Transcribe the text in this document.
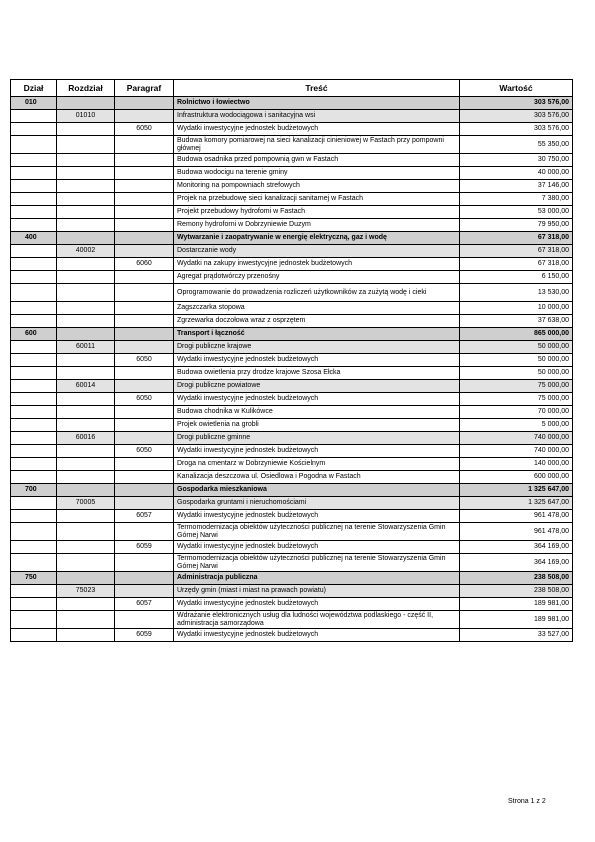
Dział	Rozdział	Paragraf	Treść	Wartość
010			Rolnictwo i łowiectwo	303 576,00
	01010		Infrastruktura wodociągowa i sanitacyjna wsi	303 576,00
		6050	Wydatki inwestycyjne jednostek budżetowych	303 576,00
			Budowa komory pomiarowej na sieci kanalizacji cinieniowej w Fastach przy pompowni głównej	55 350,00
			Budowa osadnika przed pompownią gwn w Fastach	30 750,00
			Budowa wodocigu na terenie gminy	40 000,00
			Monitoring na pompowniach strefowych	37 146,00
			Projek na przebudowę sieci kanalizacji sanitarnej w Fastach	7 380,00
			Projekt przebudowy hydrofomi w Fastach	53 000,00
			Remony hydroforni w Dobrzyniewie Duzym	79 950,00
400			Wytwarzanie i zaopatrywanie w energię elektryczną, gaz i wodę	67 318,00
	40002		Dostarczanie wody	67 318,00
		6060	Wydatki na zakupy inwestycyjne jednostek budżetowych	67 318,00
			Agregat prądotwórczy przenośny	6 150,00
			Oprogramowanie do prowadzenia rozliczeń użytkowników za zużytą wodę i cieki	13 530,00
			Zagszczarka stopowa	10 000,00
			Zgrzewarka doczołowa wraz z osprzętem	37 638,00
600			Transport i łączność	865 000,00
	60011		Drogi publiczne krajowe	50 000,00
		6050	Wydatki inwestycyjne jednostek budżetowych	50 000,00
			Budowa owietlenia przy drodze krajowe Szosa Ełcka	50 000,00
	60014		Drogi publiczne powiatowe	75 000,00
		6050	Wydatki inwestycyjne jednostek budżetowych	75 000,00
			Budowa chodnika w Kulikówce	70 000,00
			Projek owietlenia na grobli	5 000,00
	60016		Drogi publiczne gminne	740 000,00
		6050	Wydatki inwestycyjne jednostek budżetowych	740 000,00
			Droga na cmentarz w Dobrzyniewie Kościelnym	140 000,00
			Kanalizacja deszczowa ul. Osiedlowa i Pogodna w Fastach	600 000,00
700			Gospodarka mieszkaniowa	1 325 647,00
	70005		Gospodarka gruntami i nieruchomościami	1 325 647,00
		6057	Wydatki inwestycyjne jednostek budżetowych	961 478,00
			Termomodernizacja obiektów użyteczności publicznej na terenie Stowarzyszenia Gmin Górnej Narwi	961 478,00
		6059	Wydatki inwestycyjne jednostek budżetowych	364 169,00
			Termomodernizacja obiektów użyteczności publicznej na terenie Stowarzyszenia Gmin Górnej Narwi	364 169,00
750			Administracja publiczna	238 508,00
	75023		Urzędy gmin (miast i miast na prawach powiatu)	238 508,00
		6057	Wydatki inwestycyjne jednostek budżetowych	189 981,00
			Wdrażanie elektronicznych usług dla ludności województwa podlaskiego - część II, administracja samorządowa	189 981,00
		6059	Wydatki inwestycyjne jednostek budżetowych	33 527,00
Strona 1 z 2
